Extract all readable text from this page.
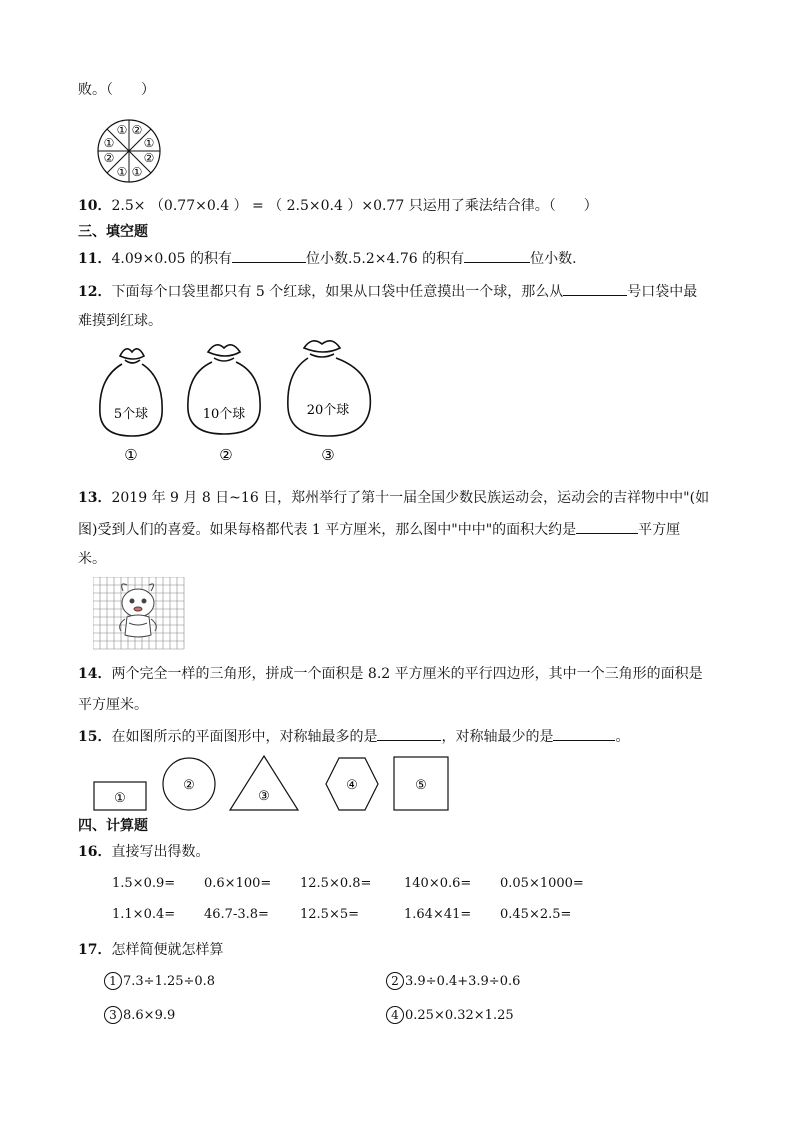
败。（　　）
① ②
①
②
①
①
②
①
10．2.5× （0.77×0.4 ） = （ 2.5×0.4 ）×0.77 只运用了乘法结合律。（　　）
三、填空题
11．4.09×0.05 的积有	位小数.5.2×4.76 的积有	位小数.
12．下面每个口袋里都只有 5 个红球，如果从口袋中任意摸出一个球，那么从	号口袋中最
难摸到红球。
5个球
①
10个球
②
20个球
③
13．2019 年 9 月 8 日~16 日，郑州举行了第十一届全国少数民族运动会，运动会的吉祥物中中"(如
图)受到人们的喜爱。如果每格都代表 1 平方厘米，那么图中"中中"的面积大约是	平方厘
米。
14．两个完全一样的三角形，拼成一个面积是 8.2 平方厘米的平行四边形，其中一个三角形的面积是
平方厘米。
15．在如图所示的平面图形中，对称轴最多的是	，对称轴最少的是	。
①
②
③
④	⑤
四、计算题
16．直接写出得数。
1.5×0.9= 0.6×100= 12.5×0.8=	140×0.6= 0.05×1000=
1.1×0.4= 46.7-3.8= 12.5×5=	1.64×41= 0.45×2.5=
17．怎样简便就怎样算
1 7.3÷1.25÷0.8	2 3.9÷0.4+3.9÷0.6
3 8.6×9.9	4 0.25×0.32×1.25
